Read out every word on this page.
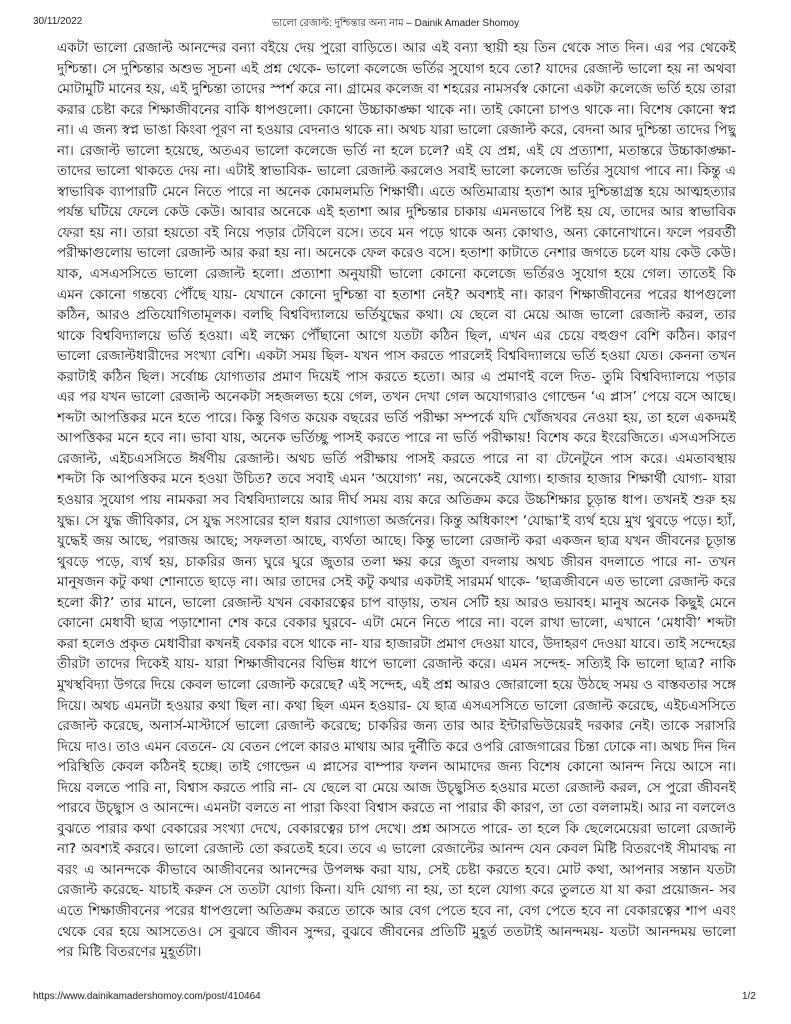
30/11/2022	ভালো রেজাল্ট: দুশ্চিন্তার অন্য নাম – Dainik Amader Shomoy
একটা ভালো রেজাল্ট আনন্দের বন্যা বইয়ে দেয় পুরো বাড়িতে। আর এই বন্যা স্থায়ী হয় তিন থেকে সাত দিন। এর পর থেকেই
দুশ্চিন্তা। সে দুশ্চিন্তার অশুভ সূচনা এই প্রশ্ন থেকে- ভালো কলেজে ভর্তির সুযোগ হবে তো? যাদের রেজাল্ট ভালো হয় না অথবা
মোটামুটি মানের হয়, এই দুশ্চিন্তা তাদের স্পর্শ করে না। গ্রামের কলেজ বা শহরের নামসর্বস্ব কোনো একটা কলেজে ভর্তি হয়ে তারা
করার চেষ্টা করে শিক্ষাজীবনের বাকি ধাপগুলো। কোনো উচ্চাকাঙ্ক্ষা থাকে না। তাই কোনো চাপও থাকে না। বিশেষ কোনো স্বপ্ন
না। এ জন্য স্বপ্ন ভাঙা কিংবা পূরণ না হওয়ার বেদনাও থাকে না। অথচ যারা ভালো রেজাল্ট করে, বেদনা আর দুশ্চিন্তা তাদের পিছু
না। রেজাল্ট ভালো হয়েছে, অতএব ভালো কলেজে ভর্তি না হলে চলে? এই যে প্রশ্ন, এই যে প্রত্যাশা, মতান্তরে উচ্চাকাঙ্ক্ষা-
তাদের ভালো থাকতে দেয় না। এটাই স্বাভাবিক- ভালো রেজাল্ট করলেও সবাই ভালো কলেজে ভর্তির সুযোগ পাবে না। কিন্তু এ
স্বাভাবিক ব্যাপারটি মেনে নিতে পারে না অনেক কোমলমতি শিক্ষার্থী। এতে অতিমাত্রায় হতাশ আর দুশ্চিন্তাগ্রস্ত হয়ে আত্মহত্যার
পর্যন্ত ঘটিয়ে ফেলে কেউ কেউ। আবার অনেকে এই হতাশা আর দুশ্চিন্তার চাকায় এমনভাবে পিষ্ট হয় যে, তাদের আর স্বাভাবিক
ফেরা হয় না। তারা হয়তো বই নিয়ে পড়ার টেবিলে বসে। তবে মন পড়ে থাকে অন্য কোথাও, অন্য কোনোখানে। ফলে পরবর্তী
পরীক্ষাগুলোয় ভালো রেজাল্ট আর করা হয় না। অনেকে ফেল করেও বসে। হতাশা কাটাতে নেশার জগতে চলে যায় কেউ কেউ।
যাক, এসএসসিতে ভালো রেজাল্ট হলো। প্রত্যাশা অনুযায়ী ভালো কোনো কলেজে ভর্তিরও সুযোগ হয়ে গেল। তাতেই কি
এমন কোনো গন্তব্যে পৌঁছে যায়- যেখানে কোনো দুশ্চিন্তা বা হতাশা নেই? অবশ্যই না। কারণ শিক্ষাজীবনের পরের ধাপগুলো
কঠিন, আরও প্রতিযোগিতামূলক। বলছি বিশ্ববিদ্যালয়ে ভর্তিযুদ্ধের কথা। যে ছেলে বা মেয়ে আজ ভালো রেজাল্ট করল, তার
থাকে বিশ্ববিদ্যালয়ে ভর্তি হওয়া। এই লক্ষ্যে পৌঁছানো আগে যতটা কঠিন ছিল, এখন এর চেয়ে বহুগুণ বেশি কঠিন। কারণ
ভালো রেজাল্টধারীদের সংখ্যা বেশি। একটা সময় ছিল- যখন পাস করতে পারলেই বিশ্ববিদ্যালয়ে ভর্তি হওয়া যেত। কেননা তখন
করাটাই কঠিন ছিল। সর্বোচ্চ যোগ্যতার প্রমাণ দিয়েই পাস করতে হতো। আর এ প্রমাণই বলে দিত- তুমি বিশ্ববিদ্যালয়ে পড়ার
এর পর যখন ভালো রেজাল্ট অনেকটা সহজলভ্য হয়ে গেল, তখন দেখা গেল অযোগ্যরাও গোল্ডেন ‘এ প্লাস’ পেয়ে বসে আছে।
শব্দটা আপত্তিকর মনে হতে পারে। কিন্তু বিগত কয়েক বছরের ভর্তি পরীক্ষা সম্পর্কে যদি খোঁজখবর নেওয়া হয়, তা হলে একদমই
আপত্তিকর মনে হবে না। ভাবা যায়, অনেক ভর্তিচ্ছু পাসই করতে পারে না ভর্তি পরীক্ষায়! বিশেষ করে ইংরেজিতে। এসএসসিতে
রেজাল্ট, এইচএসসিতে ঈর্ষণীয় রেজাল্ট। অথচ ভর্তি পরীক্ষায় পাসই করতে পারে না বা টেনেটুনে পাস করে। এমতাবস্থায়
শব্দটা কি আপত্তিকর মনে হওয়া উচিত? তবে সবাই এমন ‘অযোগ্য’ নয়, অনেকেই যোগ্য। হাজার হাজার শিক্ষার্থী যোগ্য- যারা
হওয়ার সুযোগ পায় নামকরা সব বিশ্ববিদ্যালয়ে আর দীর্ঘ সময় ব্যয় করে অতিক্রম করে উচ্চশিক্ষার চূড়ান্ত ধাপ। তখনই শুরু হয়
যুদ্ধ। সে যুদ্ধ জীবিকার, সে যুদ্ধ সংসারের হাল ধরার যোগ্যতা অর্জনের। কিন্তু অধিকাংশ ‘যোদ্ধা’ই ব্যর্থ হয়ে মুখ থুবড়ে পড়ে। হ্যাঁ,
যুদ্ধেই জয় আছে, পরাজয় আছে; সফলতা আছে, ব্যর্থতা আছে। কিন্তু ভালো রেজাল্ট করা একজন ছাত্র যখন জীবনের চূড়ান্ত
থুবড়ে পড়ে, ব্যর্থ হয়, চাকরির জন্য ঘুরে ঘুরে জুতার তলা ক্ষয় করে জুতা বদলায় অথচ জীবন বদলাতে পারে না- তখন
মানুষজন কটু কথা শোনাতে ছাড়ে না। আর তাদের সেই কটু কথার একটাই সারমর্ম থাকে- ‘ছাত্রজীবনে এত ভালো রেজাল্ট করে
হলো কী?’ তার মানে, ভালো রেজাল্ট যখন বেকারত্বের চাপ বাড়ায়, তখন সেটি হয় আরও ভয়াবহ। মানুষ অনেক কিছুই মেনে
কোনো মেধাবী ছাত্র পড়াশোনা শেষ করে বেকার ঘুরবে- এটা মেনে নিতে পারে না। বলে রাখা ভালো, এখানে ‘মেধাবী’ শব্দটা
করা হলেও প্রকৃত মেধাবীরা কখনই বেকার বসে থাকে না- যার হাজারটা প্রমাণ দেওয়া যাবে, উদাহরণ দেওয়া যাবে। তাই সন্দেহের
তীরটা তাদের দিকেই যায়- যারা শিক্ষাজীবনের বিভিন্ন ধাপে ভালো রেজাল্ট করে। এমন সন্দেহ- সত্যিই কি ভালো ছাত্র? নাকি
মুখস্থবিদ্যা উগরে দিয়ে কেবল ভালো রেজাল্ট করেছে? এই সন্দেহ, এই প্রশ্ন আরও জোরালো হয়ে উঠছে সময় ও বাস্তবতার সঙ্গে
দিয়ে। অথচ এমনটা হওয়ার কথা ছিল না। কথা ছিল এমন হওয়ার- যে ছাত্র এসএসসিতে ভালো রেজাল্ট করেছে, এইচএসসিতে
রেজাল্ট করেছে, অনার্স-মাস্টার্সে ভালো রেজাল্ট করেছে; চাকরির জন্য তার আর ইন্টারভিউয়েরই দরকার নেই। তাকে সরাসরি
দিয়ে দাও। তাও এমন বেতনে- যে বেতন পেলে কারও মাথায় আর দুর্নীতি করে ওপরি রোজগারের চিন্তা ঢোকে না। অথচ দিন দিন
পরিস্থিতি কেবল কঠিনই হচ্ছে। তাই গোল্ডেন এ প্লাসের বাম্পার ফলন আমাদের জন্য বিশেষ কোনো আনন্দ নিয়ে আসে না।
দিয়ে বলতে পারি না, বিশ্বাস করতে পারি না- যে ছেলে বা মেয়ে আজ উচ্ছ্বসিত হওয়ার মতো রেজাল্ট করল, সে পুরো জীবনই
পারবে উচ্ছ্বাস ও আনন্দে। এমনটা বলতে না পারা কিংবা বিশ্বাস করতে না পারার কী কারণ, তা তো বললামই। আর না বললেও
বুঝতে পারার কথা বেকারের সংখ্যা দেখে, বেকারত্বের চাপ দেখে। প্রশ্ন আসতে পারে- তা হলে কি ছেলেমেয়েরা ভালো রেজাল্ট
না? অবশ্যই করবে। ভালো রেজাল্ট তো করতেই হবে। তবে এ ভালো রেজাল্টের আনন্দ যেন কেবল মিষ্টি বিতরণেই সীমাবদ্ধ না
বরং এ আনন্দকে কীভাবে আজীবনের আনন্দের উপলক্ষ করা যায়, সেই চেষ্টা করতে হবে। মোট কথা, আপনার সন্তান যতটা
রেজাল্ট করেছে- যাচাই করুন সে ততটা যোগ্য কিনা। যদি যোগ্য না হয়, তা হলে যোগ্য করে তুলতে যা যা করা প্রয়োজন- সব
এতে শিক্ষাজীবনের পরের ধাপগুলো অতিক্রম করতে তাকে আর বেগ পেতে হবে না, বেগ পেতে হবে না বেকারত্বের শাপ এবং
থেকে বের হয়ে আসতেও। সে বুঝবে জীবন সুন্দর, বুঝবে জীবনের প্রতিটি মুহূর্ত ততটাই আনন্দময়- যতটা আনন্দময় ভালো
পর মিষ্টি বিতরণের মুহূর্তটা।
https://www.dainikamadershomoy.com/post/410464	1/2
